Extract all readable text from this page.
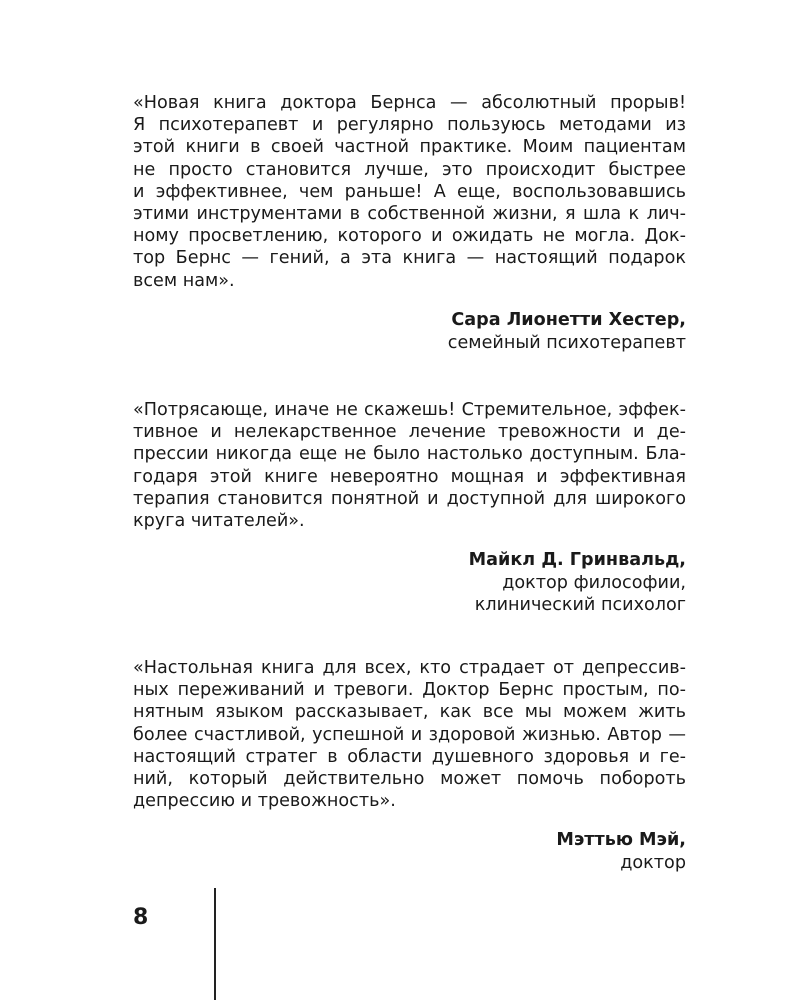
«Новая книга доктора Бернса — абсолютный прорыв!
Я психотерапевт и регулярно пользуюсь методами из
этой книги в своей частной практике. Моим пациентам
не просто становится лучше, это происходит быстрее
и эффективнее, чем раньше! А еще, воспользовавшись
этими инструментами в собственной жизни, я шла к лич-
ному просветлению, которого и ожидать не могла. Док-
тор Бернс — гений, а эта книга — настоящий подарок
всем нам».
Сара Лионетти Хестер,
семейный психотерапевт
«Потрясающе, иначе не скажешь! Стремительное, эффек-
тивное и нелекарственное лечение тревожности и де-
прессии никогда еще не было настолько доступным. Бла-
годаря этой книге невероятно мощная и эффективная
терапия становится понятной и доступной для широкого
круга читателей».
Майкл Д. Гринвальд,
доктор философии,
клинический психолог
«Настольная книга для всех, кто страдает от депрессив-
ных переживаний и тревоги. Доктор Бернс простым, по-
нятным языком рассказывает, как все мы можем жить
более счастливой, успешной и здоровой жизнью. Автор —
настоящий стратег в области душевного здоровья и ге-
ний, который действительно может помочь побороть
депрессию и тревожность».
Мэттью Мэй,
доктор
8
